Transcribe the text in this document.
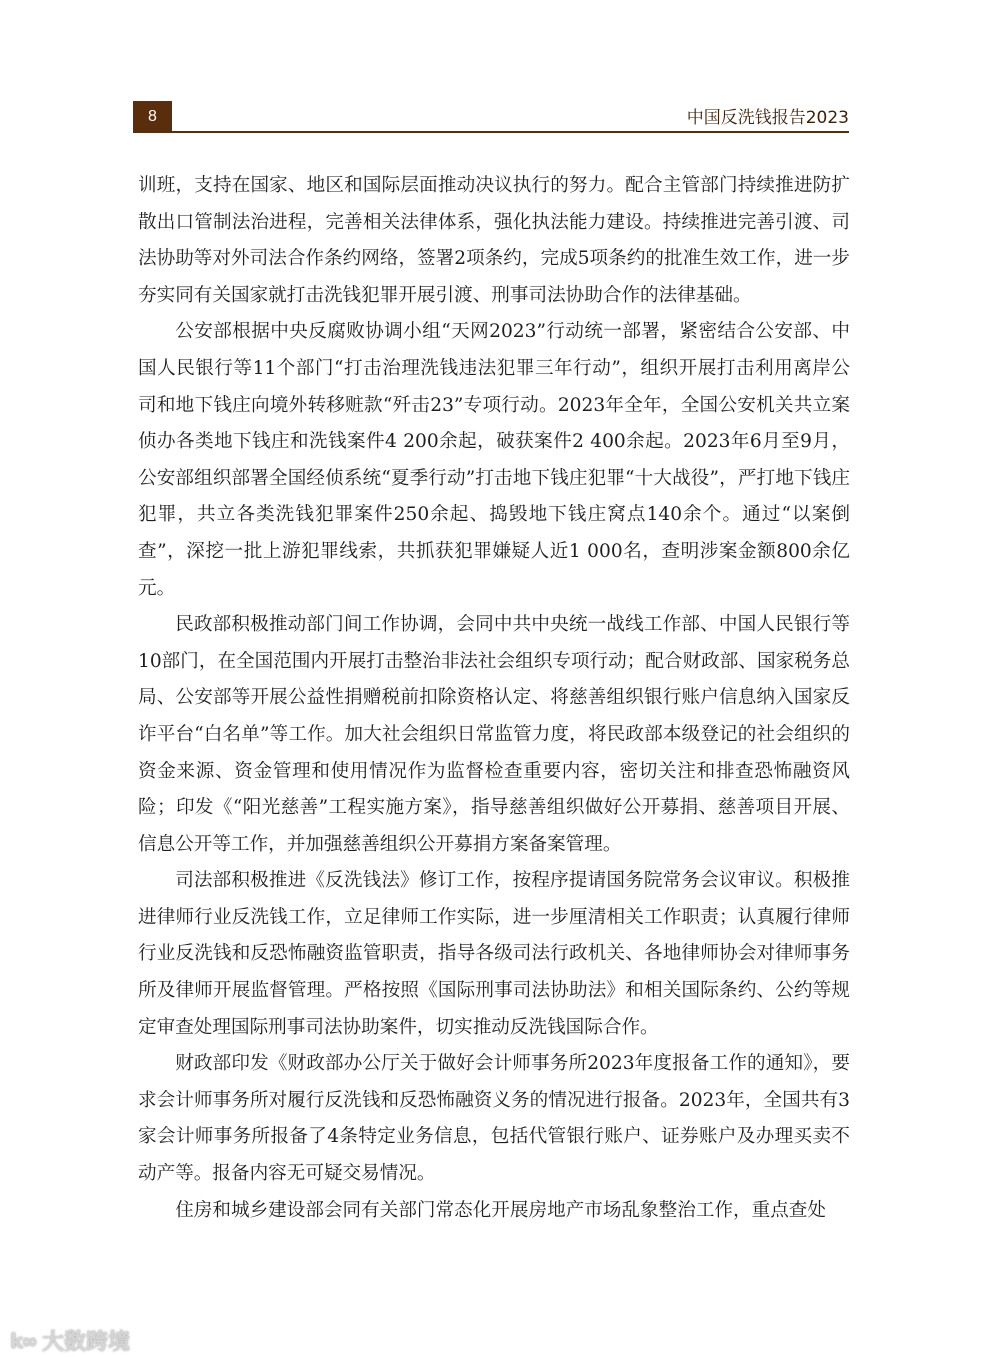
8	中国反洗钱报告2023

训班，支持在国家、地区和国际层面推动决议执行的努力。配合主管部门持续推进防扩散出口管制法治进程，完善相关法律体系，强化执法能力建设。持续推进完善引渡、司法协助等对外司法合作条约网络，签署2项条约，完成5项条约的批准生效工作，进一步夯实同有关国家就打击洗钱犯罪开展引渡、刑事司法协助合作的法律基础。

公安部根据中央反腐败协调小组“天网2023”行动统一部署，紧密结合公安部、中国人民银行等11个部门“打击治理洗钱违法犯罪三年行动”，组织开展打击利用离岸公司和地下钱庄向境外转移赃款“歼击23”专项行动。2023年全年，全国公安机关共立案侦办各类地下钱庄和洗钱案件4 200余起，破获案件2 400余起。2023年6月至9月，公安部组织部署全国经侦系统“夏季行动”打击地下钱庄犯罪“十大战役”，严打地下钱庄犯罪，共立各类洗钱犯罪案件250余起、捣毁地下钱庄窝点140余个。通过“以案倒查”，深挖一批上游犯罪线索，共抓获犯罪嫌疑人近1 000名，查明涉案金额800余亿元。

民政部积极推动部门间工作协调，会同中共中央统一战线工作部、中国人民银行等10部门，在全国范围内开展打击整治非法社会组织专项行动；配合财政部、国家税务总局、公安部等开展公益性捐赠税前扣除资格认定、将慈善组织银行账户信息纳入国家反诈平台“白名单”等工作。加大社会组织日常监管力度，将民政部本级登记的社会组织的资金来源、资金管理和使用情况作为监督检查重要内容，密切关注和排查恐怖融资风险；印发《“阳光慈善”工程实施方案》，指导慈善组织做好公开募捐、慈善项目开展、信息公开等工作，并加强慈善组织公开募捐方案备案管理。

司法部积极推进《反洗钱法》修订工作，按程序提请国务院常务会议审议。积极推进律师行业反洗钱工作，立足律师工作实际，进一步厘清相关工作职责；认真履行律师行业反洗钱和反恐怖融资监管职责，指导各级司法行政机关、各地律师协会对律师事务所及律师开展监督管理。严格按照《国际刑事司法协助法》和相关国际条约、公约等规定审查处理国际刑事司法协助案件，切实推动反洗钱国际合作。

财政部印发《财政部办公厅关于做好会计师事务所2023年度报备工作的通知》，要求会计师事务所对履行反洗钱和反恐怖融资义务的情况进行报备。2023年，全国共有3家会计师事务所报备了4条特定业务信息，包括代管银行账户、证券账户及办理买卖不动产等。报备内容无可疑交易情况。

住房和城乡建设部会同有关部门常态化开展房地产市场乱象整治工作，重点查处

k∞ 大数跨境
